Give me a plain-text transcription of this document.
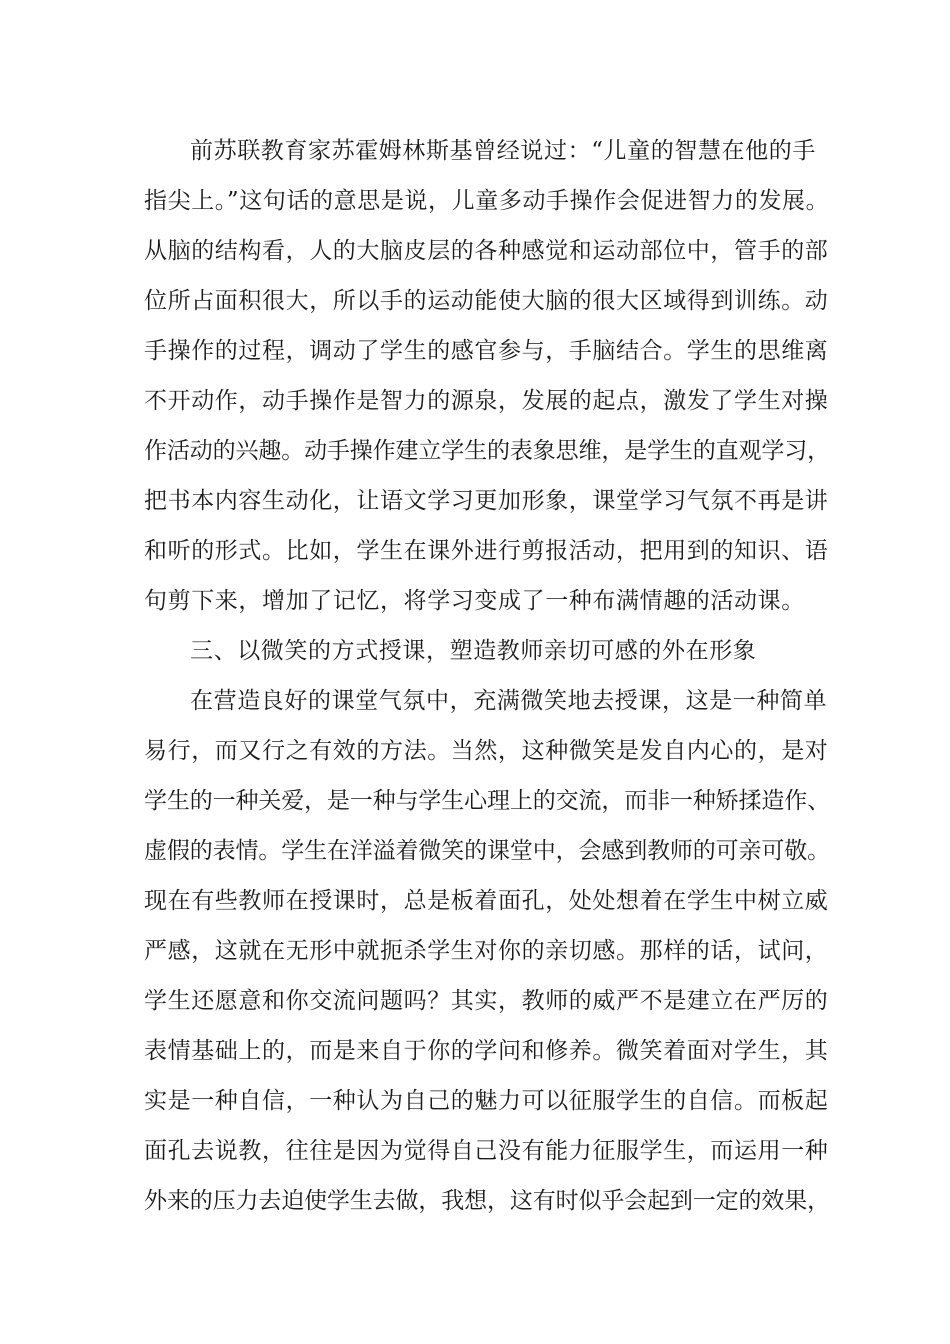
前苏联教育家苏霍姆林斯基曾经说过：“儿童的智慧在他的手
指尖上。”这句话的意思是说，儿童多动手操作会促进智力的发展。
从脑的结构看，人的大脑皮层的各种感觉和运动部位中，管手的部
位所占面积很大，所以手的运动能使大脑的很大区域得到训练。动
手操作的过程，调动了学生的感官参与，手脑结合。学生的思维离
不开动作，动手操作是智力的源泉，发展的起点，激发了学生对操
作活动的兴趣。动手操作建立学生的表象思维，是学生的直观学习，
把书本内容生动化，让语文学习更加形象，课堂学习气氛不再是讲
和听的形式。比如，学生在课外进行剪报活动，把用到的知识、语
句剪下来，增加了记忆，将学习变成了一种布满情趣的活动课。
三、以微笑的方式授课，塑造教师亲切可感的外在形象
在营造良好的课堂气氛中，充满微笑地去授课，这是一种简单
易行，而又行之有效的方法。当然，这种微笑是发自内心的，是对
学生的一种关爱，是一种与学生心理上的交流，而非一种矫揉造作、
虚假的表情。学生在洋溢着微笑的课堂中，会感到教师的可亲可敬。
现在有些教师在授课时，总是板着面孔，处处想着在学生中树立威
严感，这就在无形中就扼杀学生对你的亲切感。那样的话，试问，
学生还愿意和你交流问题吗？其实，教师的威严不是建立在严厉的
表情基础上的，而是来自于你的学问和修养。微笑着面对学生，其
实是一种自信，一种认为自己的魅力可以征服学生的自信。而板起
面孔去说教，往往是因为觉得自己没有能力征服学生，而运用一种
外来的压力去迫使学生去做，我想，这有时似乎会起到一定的效果，
